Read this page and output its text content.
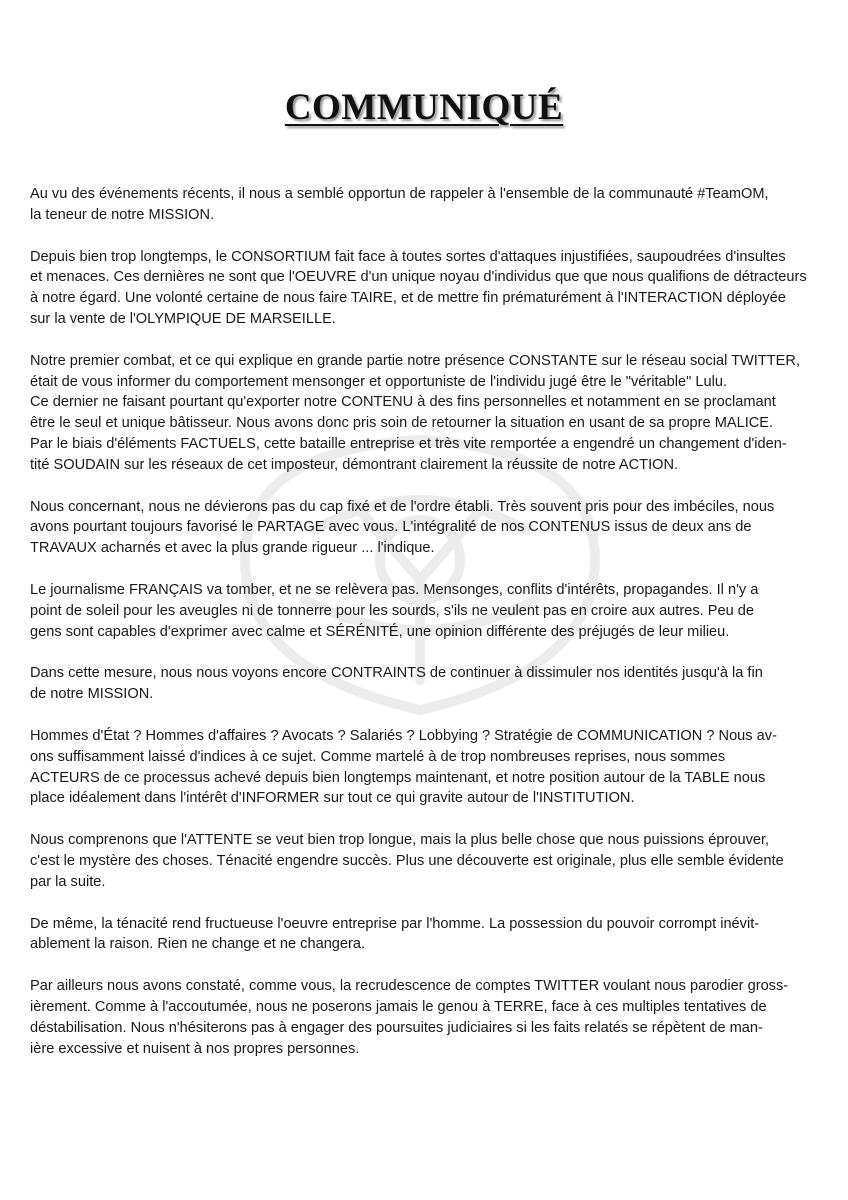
COMMUNIQUÉ
Au vu des événements récents, il nous a semblé opportun de rappeler à l'ensemble de la communauté #TeamOM,
la teneur de notre MISSION.
Depuis bien trop longtemps, le CONSORTIUM fait face à toutes sortes d'attaques injustifiées, saupoudrées d'insultes
et menaces. Ces dernières ne sont que l'OEUVRE d'un unique noyau d'individus que que nous qualifions de détracteurs
à notre égard. Une volonté certaine de nous faire TAIRE, et de mettre fin prématurément à l'INTERACTION déployée
sur la vente de l'OLYMPIQUE DE MARSEILLE.
Notre premier combat, et ce qui explique en grande partie notre présence CONSTANTE sur le réseau social TWITTER,
était de vous informer du comportement mensonger et opportuniste de l'individu jugé être le "véritable" Lulu.
Ce dernier ne faisant pourtant qu'exporter notre CONTENU à des fins personnelles et notamment en se proclamant
être le seul et unique bâtisseur. Nous avons donc pris soin de retourner la situation en usant de sa propre MALICE.
Par le biais d'éléments FACTUELS, cette bataille entreprise et très vite remportée a engendré un changement d'iden-
tité SOUDAIN sur les réseaux de cet imposteur, démontrant clairement la réussite de notre ACTION.
Nous concernant, nous ne dévierons pas du cap fixé et de l'ordre établi. Très souvent pris pour des imbéciles, nous
avons pourtant toujours favorisé le PARTAGE avec vous. L'intégralité de nos CONTENUS issus de deux ans de
TRAVAUX acharnés et avec la plus grande rigueur ... l'indique.
Le journalisme FRANÇAIS va tomber, et ne se relèvera pas. Mensonges, conflits d'intérêts, propagandes. Il n'y a
point de soleil pour les aveugles ni de tonnerre pour les sourds, s'ils ne veulent pas en croire aux autres. Peu de
gens sont capables d'exprimer avec calme et SÉRÉNITÉ, une opinion différente des préjugés de leur milieu.
Dans cette mesure, nous nous voyons encore CONTRAINTS de continuer à dissimuler nos identités jusqu'à la fin
de notre MISSION.
Hommes d'État ? Hommes d'affaires ? Avocats ? Salariés ? Lobbying ? Stratégie de COMMUNICATION ? Nous av-
ons suffisamment laissé d'indices à ce sujet. Comme martelé à de trop nombreuses reprises, nous sommes
ACTEURS de ce processus achevé depuis bien longtemps maintenant, et notre position autour de la TABLE nous
place idéalement dans l'intérêt d'INFORMER sur tout ce qui gravite autour de l'INSTITUTION.
Nous comprenons que l'ATTENTE se veut bien trop longue, mais la plus belle chose que nous puissions éprouver,
c'est le mystère des choses. Ténacité engendre succès. Plus une découverte est originale, plus elle semble évidente
par la suite.
De même, la ténacité rend fructueuse l'oeuvre entreprise par l'homme. La possession du pouvoir corrompt inévit-
ablement la raison. Rien ne change et ne changera.
Par ailleurs nous avons constaté, comme vous, la recrudescence de comptes TWITTER voulant nous parodier gross-
ièrement. Comme à l'accoutumée, nous ne poserons jamais le genou à TERRE, face à ces multiples tentatives de
déstabilisation. Nous n'hésiterons pas à engager des poursuites judiciaires si les faits relatés se répètent de man-
ière excessive et nuisent à nos propres personnes.
